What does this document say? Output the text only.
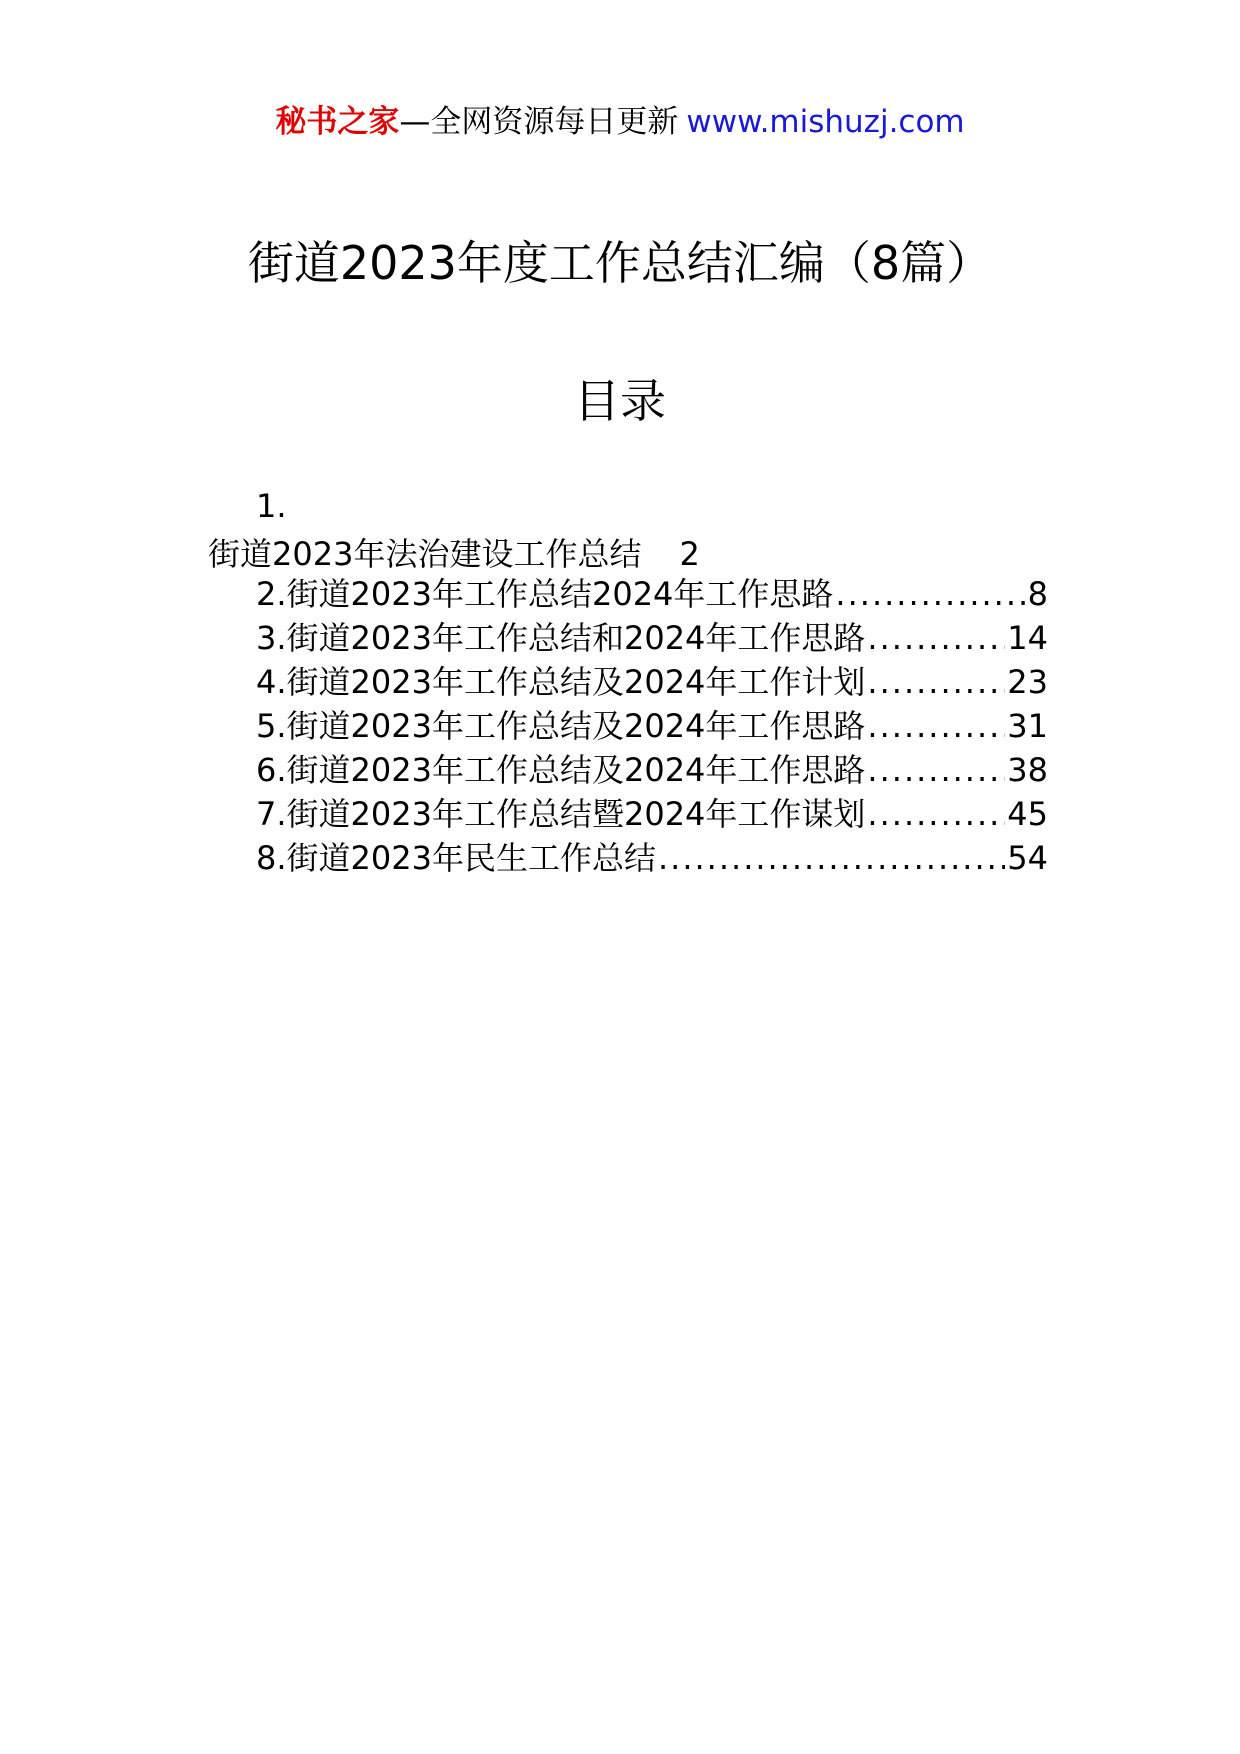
秘书之家—全网资源每日更新 www.mishuzj.com
街道2023年度工作总结汇编（8篇）
目录
1.
街道2023年法治建设工作总结 2
2.街道2023年工作总结2024年工作思路 .....	8
3.街道2023年工作总结和2024年工作思路 .....	14
4.街道2023年工作总结及2024年工作计划 .....	23
5.街道2023年工作总结及2024年工作思路 .....	31
6.街道2023年工作总结及2024年工作思路 .....	38
7.街道2023年工作总结暨2024年工作谋划 .....	45
8.街道2023年民生工作总结 .....	54
